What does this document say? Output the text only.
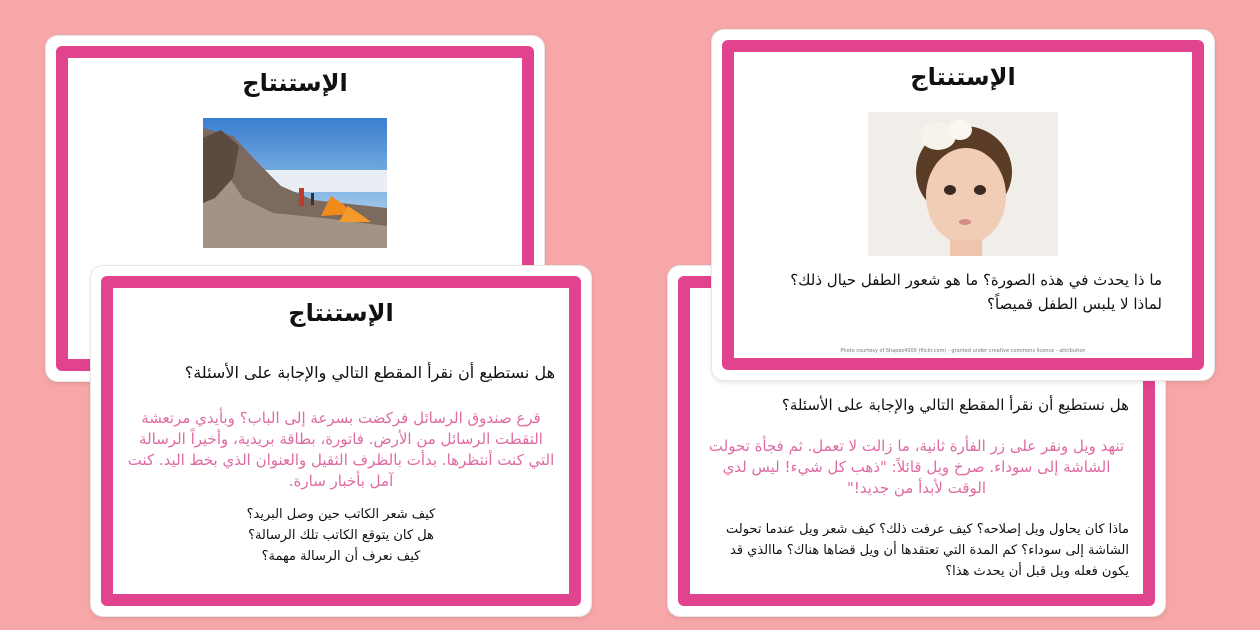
الإستنتاج
الإستنتاج
هل نستطيع أن نقرأ المقطع التالي والإجابة على الأسئلة؟
قرع صندوق الرسائل فركضت بسرعة إلى الباب؟ وبأيدي مرتعشة التقطت الرسائل من الأرض. فاتورة، بطاقة بريدية، وأخيراً الرسالة التي كنت أنتظرها. بدأت بالظرف الثقيل والعنوان الذي بخط اليد. كنت آمل بأخبار سارة.
كيف شعر الكاتب حين وصل البريد؟
هل كان يتوقع الكاتب تلك الرسالة؟
كيف نعرف أن الرسالة مهمة؟
هل نستطيع أن نقرأ المقطع التالي والإجابة على الأسئلة؟
تنهد ويل ونقر على زر الفأرة ثانية، ما زالت لا تعمل. ثم فجأة تحولت الشاشة إلى سوداء. صرخ ويل قائلاً: "ذهب كل شيء! ليس لدي الوقت لأبدأ من جديد!"
ماذا كان يحاول ويل إصلاحه؟ كيف عرفت ذلك؟ كيف شعر ويل عندما تحولت الشاشة إلى سوداء؟ كم المدة التي تعتقدها أن ويل قضاها هناك؟ ماالذي قد يكون فعله ويل قبل أن يحدث هذا؟
الإستنتاج
ما ذا يحدث في هذه الصورة؟ ما هو شعور الطفل حيال ذلك؟ لماذا لا يلبس الطفل قميصاً؟
Photo courtesy of Shapes4000 (flickr.com) - granted under creative commons licence - attribution
